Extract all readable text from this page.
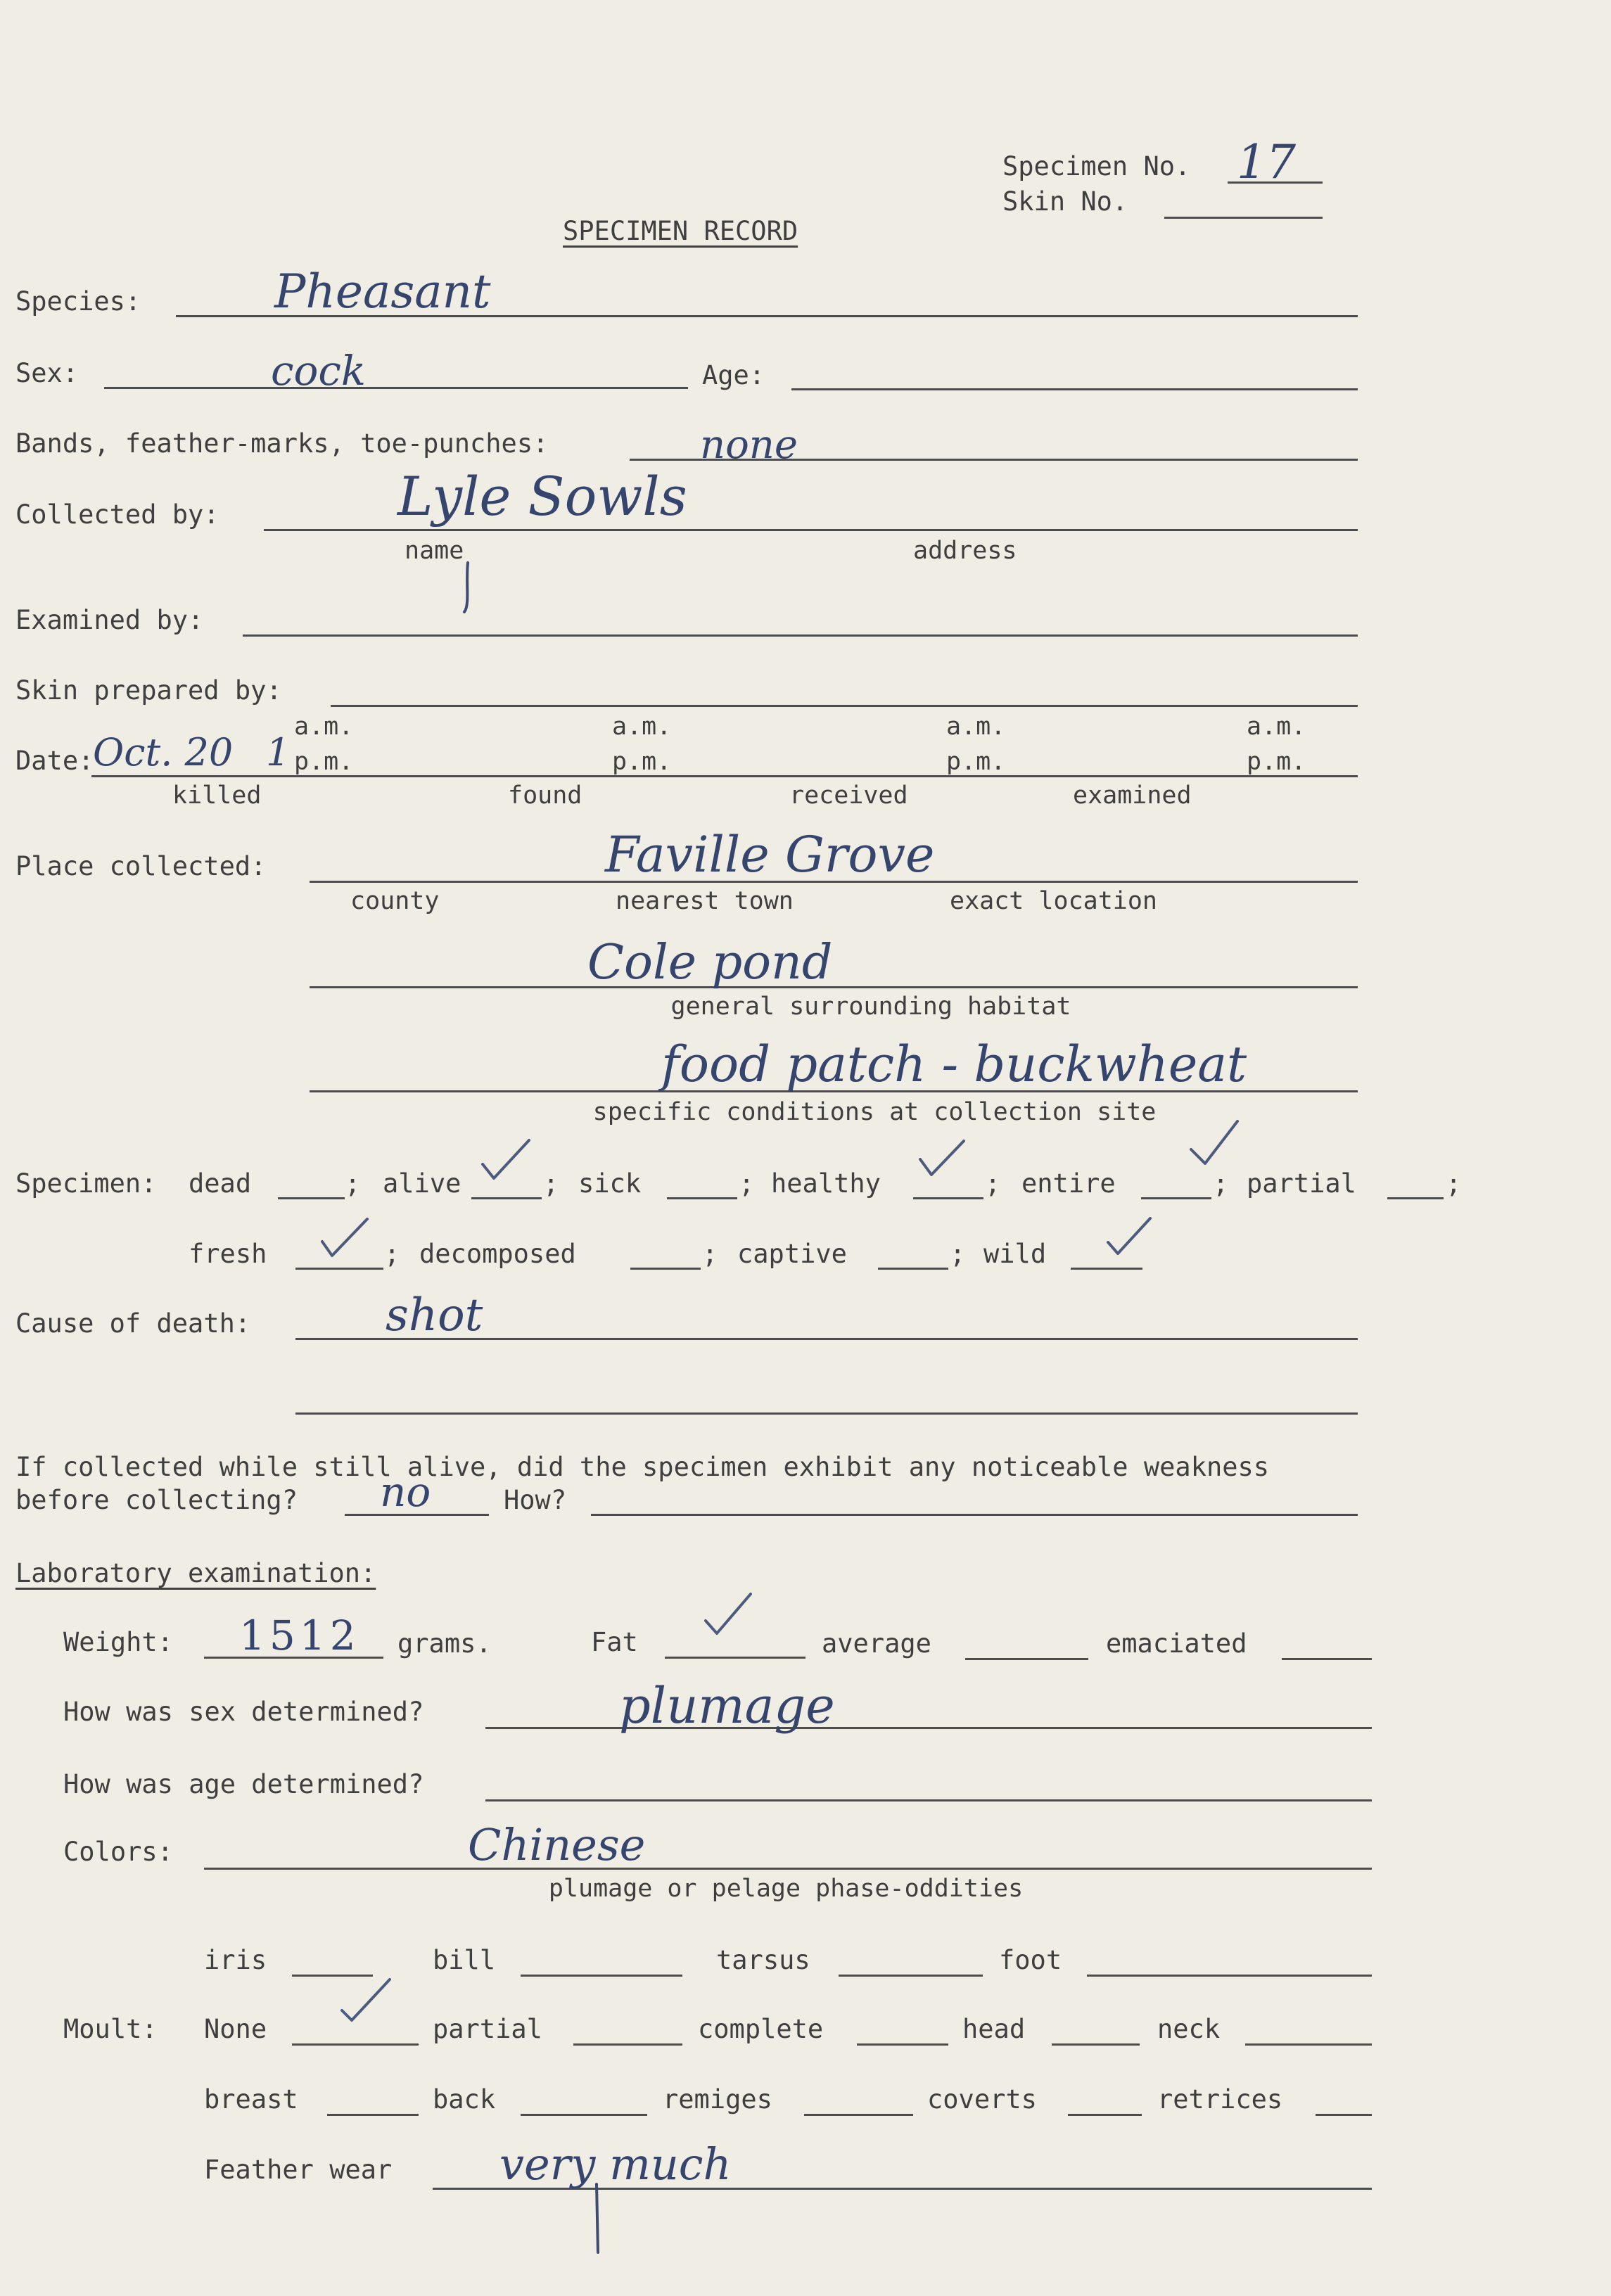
Specimen No. 17
Skin No.
SPECIMEN RECORD
Species:	Pheasant
Sex:	cock	Age:
Bands, feather-marks, toe-punches:	none
Collected by:	Lyle Sowls
name	address
Examined by:
Skin prepared by:
a.m.	a.m.	a.m.	a.m.
Date:
Oct. 20 1 p.m.	p.m.	p.m.	p.m.
killed	found	received	examined
Place collected:	Faville Grove
county	nearest town	exact location
Cole pond
general surrounding habitat
food patch - buckwheat
specific conditions at collection site
Specimen: dead	; alive	; sick	; healthy	; entire	; partial	;
fresh	; decomposed	; captive	; wild
Cause of death:	shot
If collected while still alive, did the specimen exhibit any noticeable weakness
before collecting? no	How?
Laboratory examination:
Weight: 1512 grams.	Fat	average	emaciated
How was sex determined?	plumage
How was age determined?
Colors:	Chinese
plumage or pelage phase-oddities
iris	bill	tarsus	foot
Moult: None	partial	complete	head	neck
breast	back	remiges	coverts	retrices
Feather wear very much
